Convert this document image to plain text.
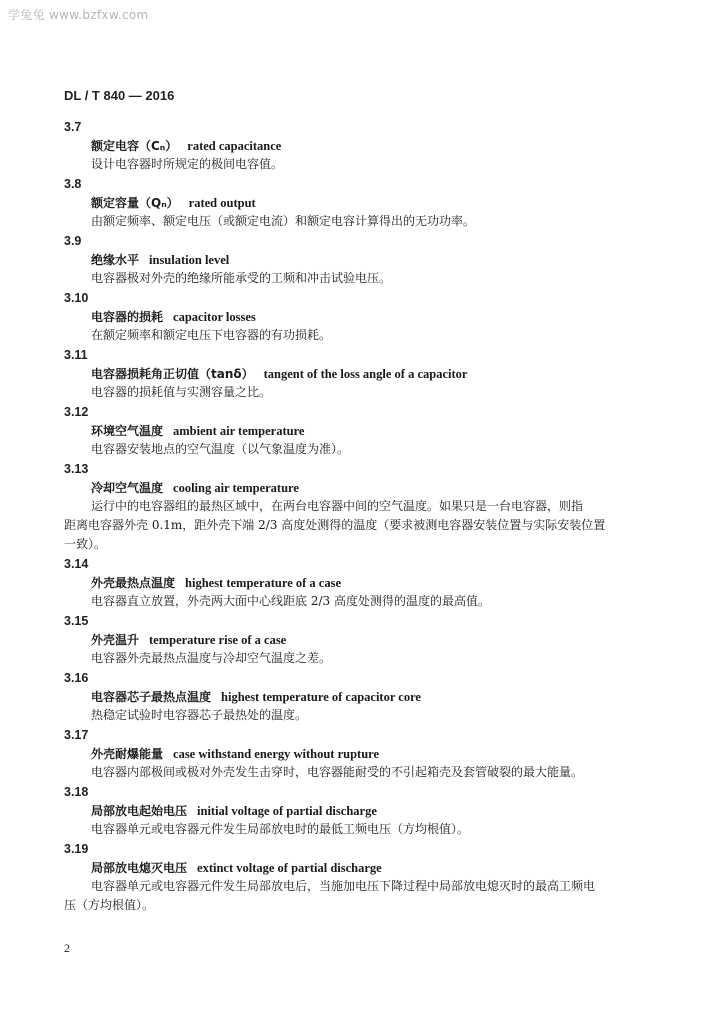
学兔兔 www.bzfxw.com
DL / T 840 — 2016
3.7
额定电容（Cₙ） rated capacitance
设计电容器时所规定的极间电容值。
3.8
额定容量（Qₙ） rated output
由额定频率、额定电压（或额定电流）和额定电容计算得出的无功功率。
3.9
绝缘水平 insulation level
电容器极对外壳的绝缘所能承受的工频和冲击试验电压。
3.10
电容器的损耗 capacitor losses
在额定频率和额定电压下电容器的有功损耗。
3.11
电容器损耗角正切值（tanδ） tangent of the loss angle of a capacitor
电容器的损耗值与实测容量之比。
3.12
环境空气温度 ambient air temperature
电容器安装地点的空气温度（以气象温度为准）。
3.13
冷却空气温度 cooling air temperature
运行中的电容器组的最热区域中，在两台电容器中间的空气温度。如果只是一台电容器，则指
距离电容器外壳 0.1m，距外壳下端 2/3 高度处测得的温度（要求被测电容器安装位置与实际安装位置
一致）。
3.14
外壳最热点温度 highest temperature of a case
电容器直立放置，外壳两大面中心线距底 2/3 高度处测得的温度的最高值。
3.15
外壳温升 temperature rise of a case
电容器外壳最热点温度与冷却空气温度之差。
3.16
电容器芯子最热点温度 highest temperature of capacitor core
热稳定试验时电容器芯子最热处的温度。
3.17
外壳耐爆能量 case withstand energy without rupture
电容器内部极间或极对外壳发生击穿时，电容器能耐受的不引起箱壳及套管破裂的最大能量。
3.18
局部放电起始电压 initial voltage of partial discharge
电容器单元或电容器元件发生局部放电时的最低工频电压（方均根值）。
3.19
局部放电熄灭电压 extinct voltage of partial discharge
电容器单元或电容器元件发生局部放电后，当施加电压下降过程中局部放电熄灭时的最高工频电
压（方均根值）。
2
